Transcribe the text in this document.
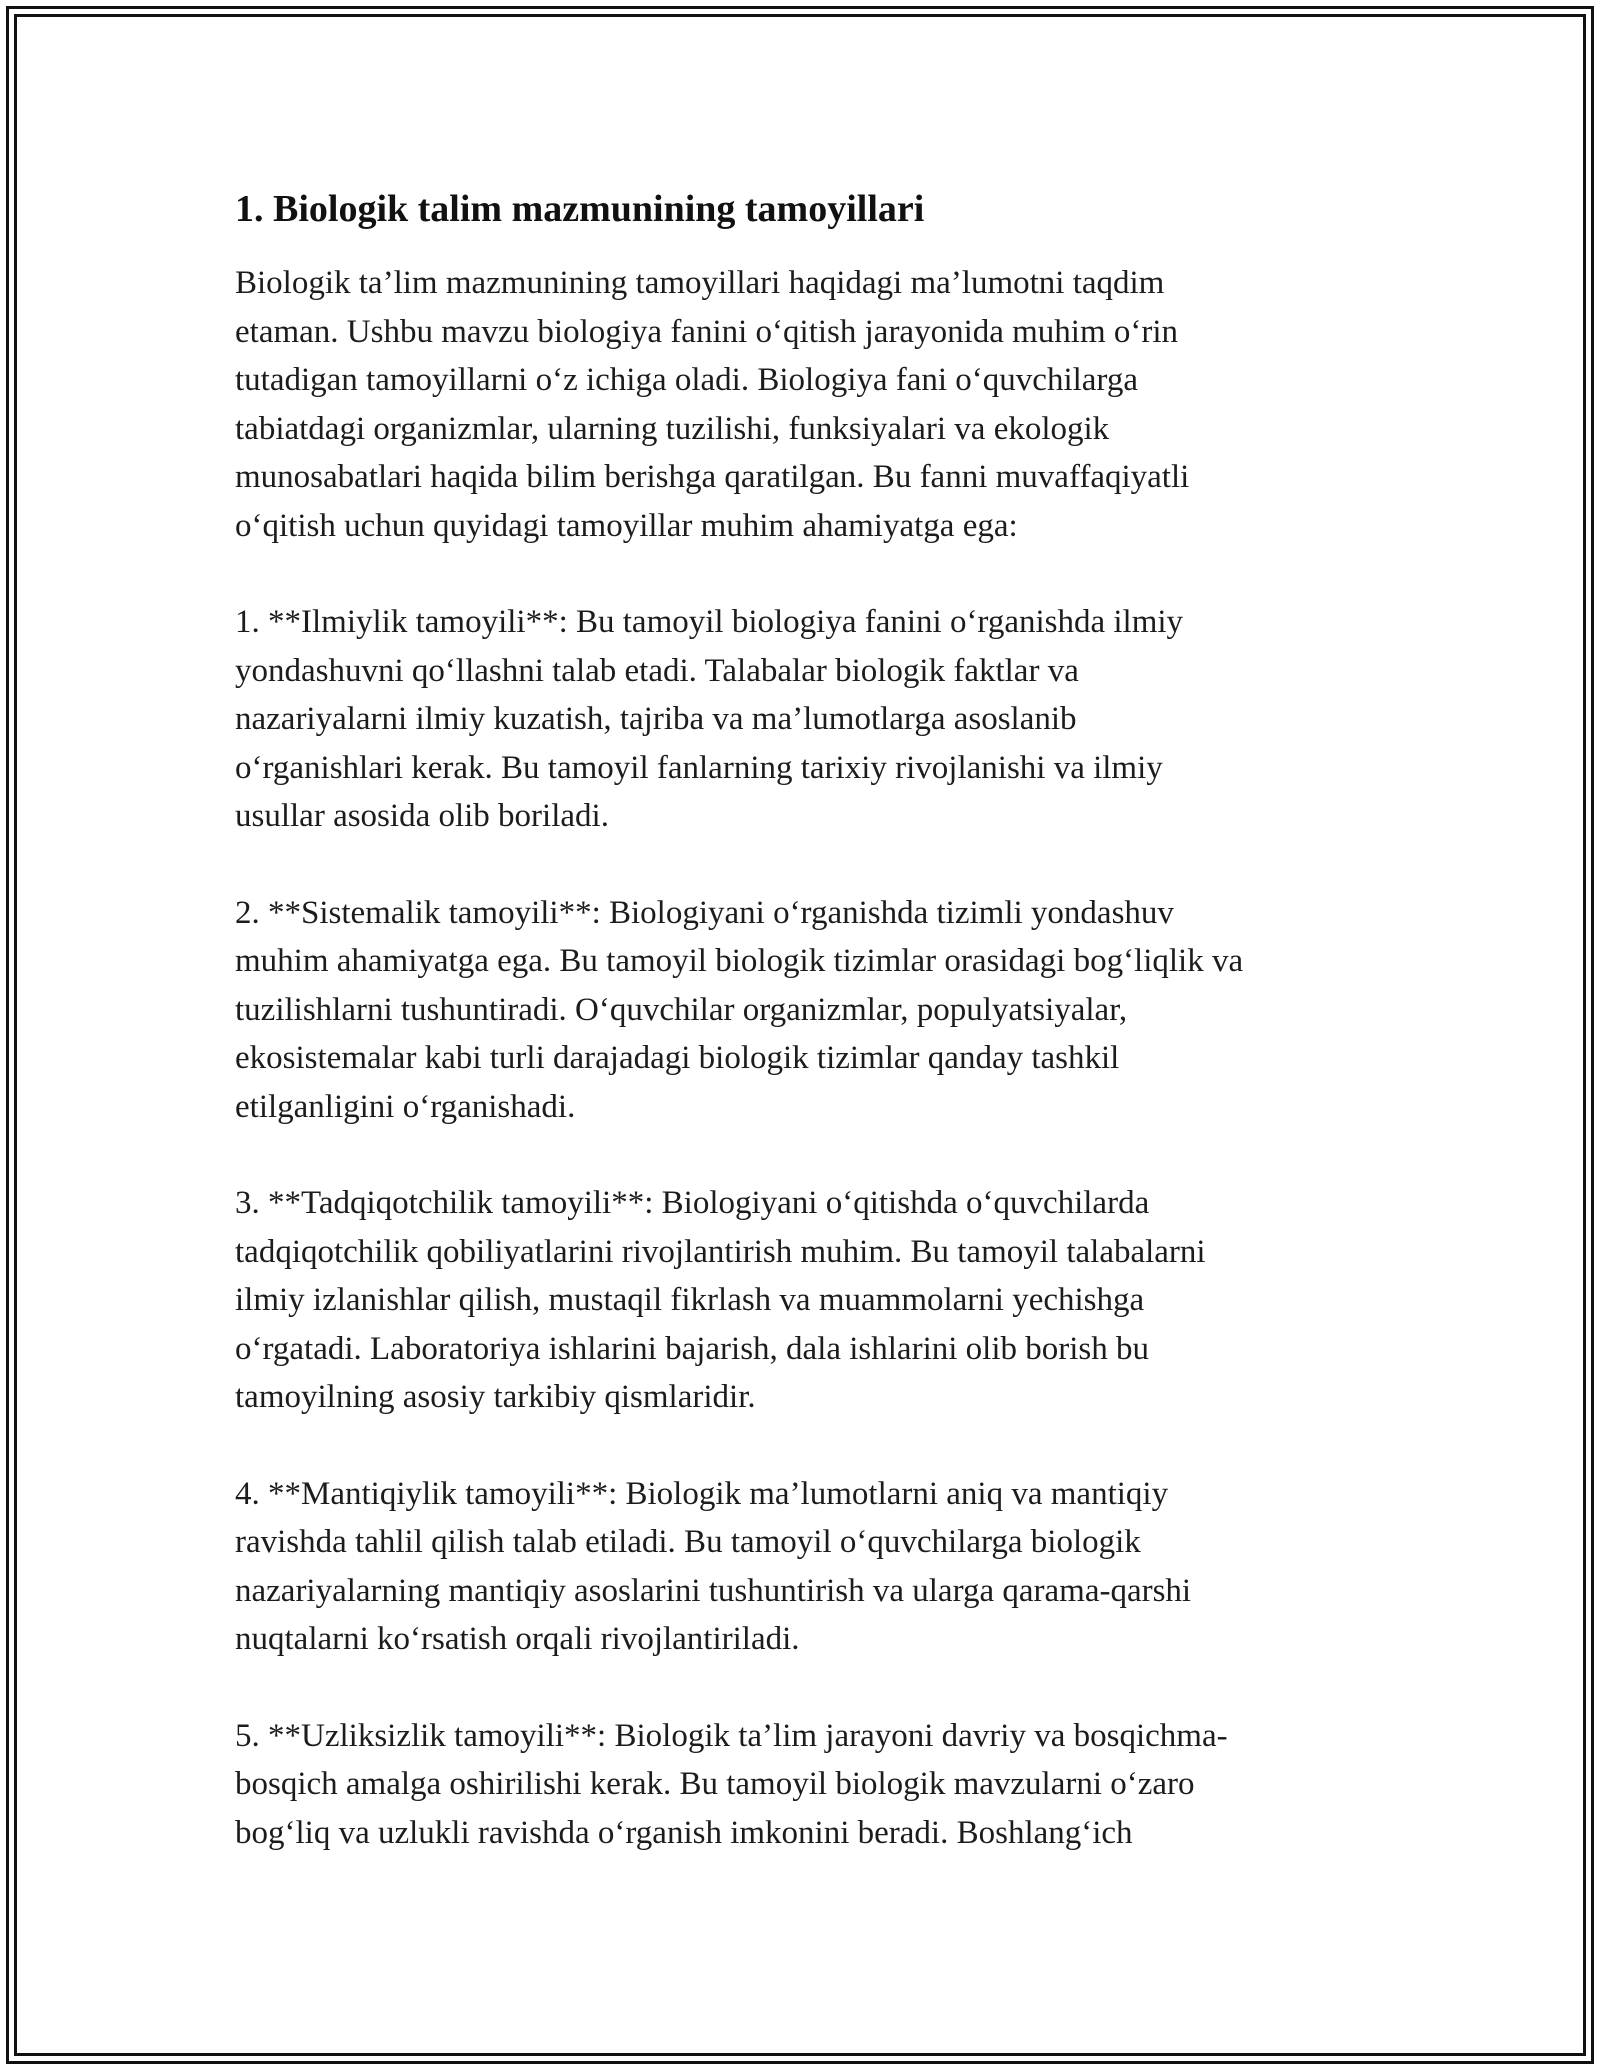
1. Biologik talim mazmunining tamoyillari

Biologik ta’lim mazmunining tamoyillari haqidagi ma’lumotni taqdim
etaman. Ushbu mavzu biologiya fanini o‘qitish jarayonida muhim o‘rin
tutadigan tamoyillarni o‘z ichiga oladi. Biologiya fani o‘quvchilarga
tabiatdagi organizmlar, ularning tuzilishi, funksiyalari va ekologik
munosabatlari haqida bilim berishga qaratilgan. Bu fanni muvaffaqiyatli
o‘qitish uchun quyidagi tamoyillar muhim ahamiyatga ega:

1. **Ilmiylik tamoyili**: Bu tamoyil biologiya fanini o‘rganishda ilmiy
yondashuvni qo‘llashni talab etadi. Talabalar biologik faktlar va
nazariyalarni ilmiy kuzatish, tajriba va ma’lumotlarga asoslanib
o‘rganishlari kerak. Bu tamoyil fanlarning tarixiy rivojlanishi va ilmiy
usullar asosida olib boriladi.

2. **Sistemalik tamoyili**: Biologiyani o‘rganishda tizimli yondashuv
muhim ahamiyatga ega. Bu tamoyil biologik tizimlar orasidagi bog‘liqlik va
tuzilishlarni tushuntiradi. O‘quvchilar organizmlar, populyatsiyalar,
ekosistemalar kabi turli darajadagi biologik tizimlar qanday tashkil
etilganligini o‘rganishadi.

3. **Tadqiqotchilik tamoyili**: Biologiyani o‘qitishda o‘quvchilarda
tadqiqotchilik qobiliyatlarini rivojlantirish muhim. Bu tamoyil talabalarni
ilmiy izlanishlar qilish, mustaqil fikrlash va muammolarni yechishga
o‘rgatadi. Laboratoriya ishlarini bajarish, dala ishlarini olib borish bu
tamoyilning asosiy tarkibiy qismlaridir.

4. **Mantiqiylik tamoyili**: Biologik ma’lumotlarni aniq va mantiqiy
ravishda tahlil qilish talab etiladi. Bu tamoyil o‘quvchilarga biologik
nazariyalarning mantiqiy asoslarini tushuntirish va ularga qarama-qarshi
nuqtalarni ko‘rsatish orqali rivojlantiriladi.

5. **Uzliksizlik tamoyili**: Biologik ta’lim jarayoni davriy va bosqichma-
bosqich amalga oshirilishi kerak. Bu tamoyil biologik mavzularni o‘zaro
bog‘liq va uzlukli ravishda o‘rganish imkonini beradi. Boshlang‘ich
